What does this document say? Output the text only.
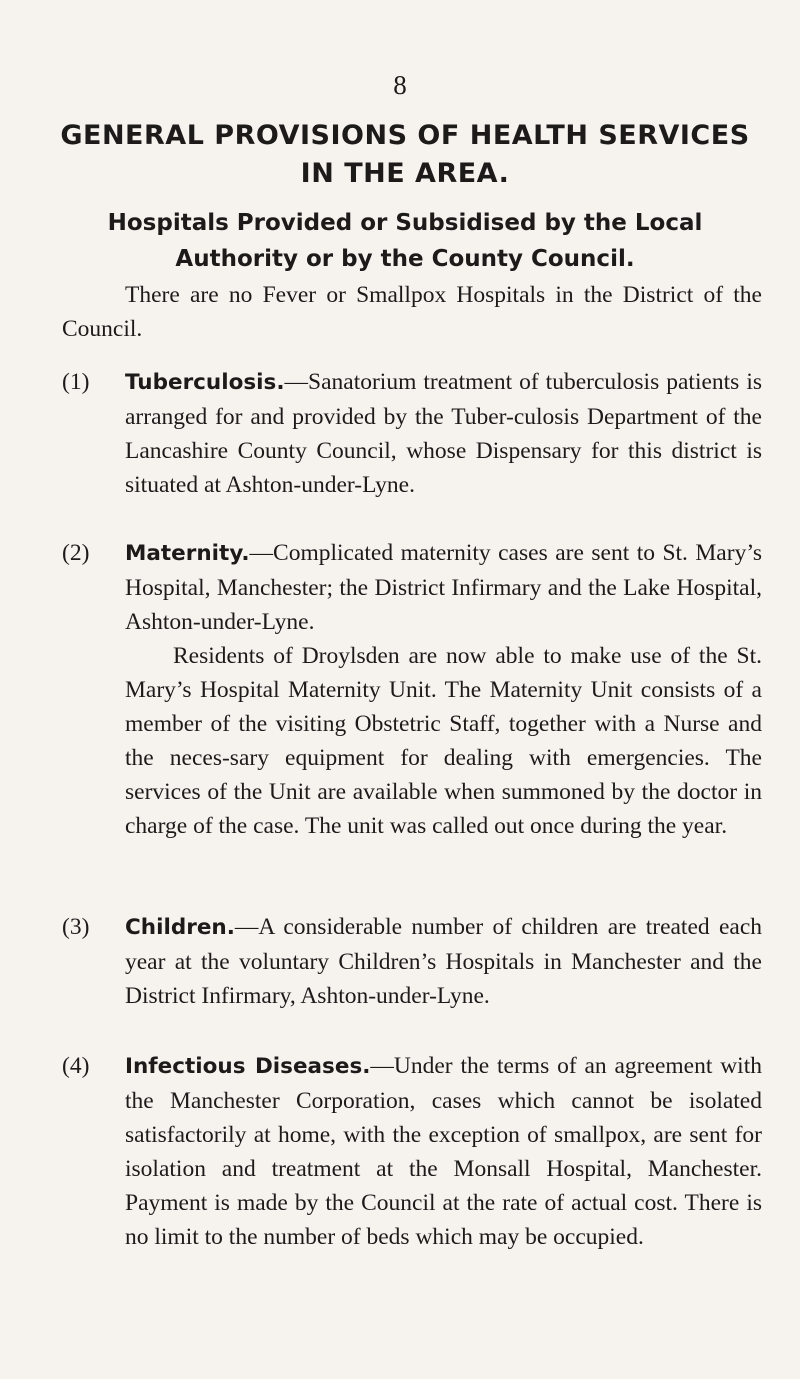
8
GENERAL PROVISIONS OF HEALTH SERVICES IN THE AREA.
Hospitals Provided or Subsidised by the Local Authority or by the County Council.

There are no Fever or Smallpox Hospitals in the District of the Council.

(1)	Tuberculosis.—Sanatorium treatment of tuberculosis patients is arranged for and provided by the Tuber-culosis Department of the Lancashire County Council, whose Dispensary for this district is situated at Ashton-under-Lyne.
(2)	Maternity.—Complicated maternity cases are sent to St. Mary’s Hospital, Manchester; the District Infirmary and the Lake Hospital, Ashton-under-Lyne.
Residents of Droylsden are now able to make use of the St. Mary’s Hospital Maternity Unit. The Maternity Unit consists of a member of the visiting Obstetric Staff, together with a Nurse and the neces-sary equipment for dealing with emergencies. The services of the Unit are available when summoned by the doctor in charge of the case. The unit was called out once during the year.
(3)	Children.—A considerable number of children are treated each year at the voluntary Children’s Hospitals in Manchester and the District Infirmary, Ashton-under-Lyne.
(4)	Infectious Diseases.—Under the terms of an agreement with the Manchester Corporation, cases which cannot be isolated satisfactorily at home, with the exception of smallpox, are sent for isolation and treatment at the Monsall Hospital, Manchester. Payment is made by the Council at the rate of actual cost. There is no limit to the number of beds which may be occupied.
